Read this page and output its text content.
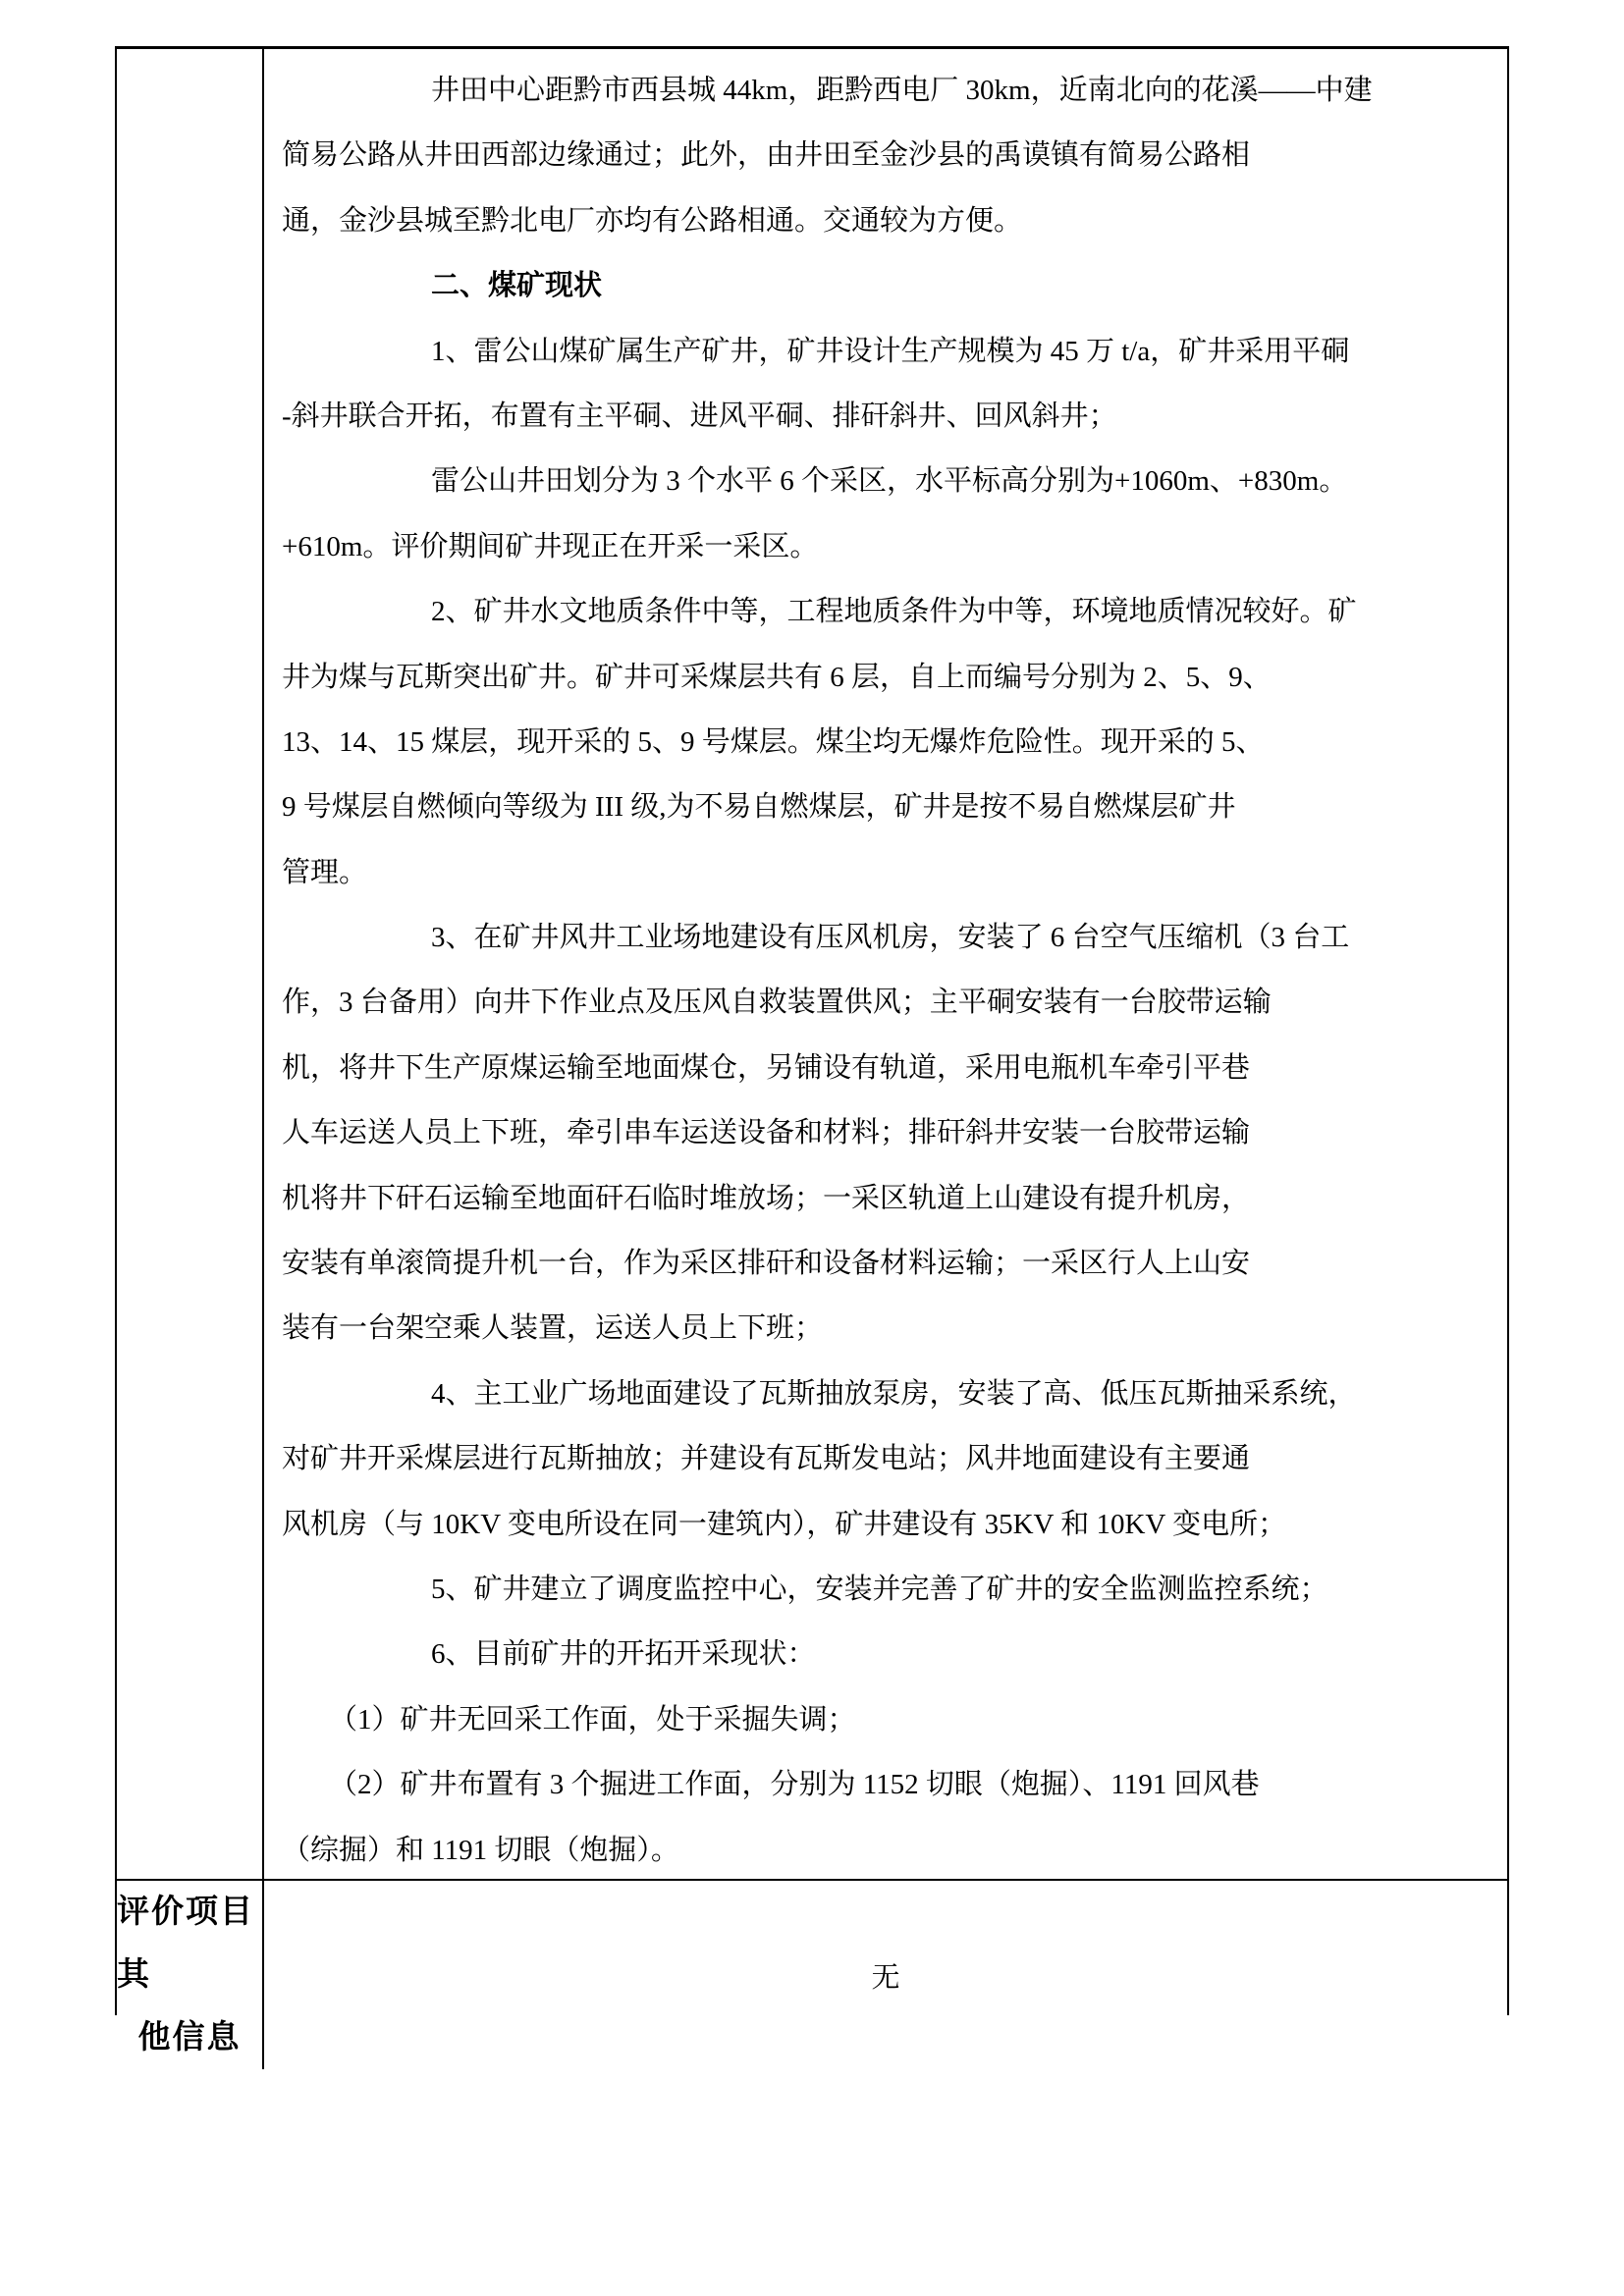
井田中心距黔市西县城 44km，距黔西电厂 30km，近南北向的花溪——中建
简易公路从井田西部边缘通过；此外，由井田至金沙县的禹谟镇有简易公路相
通，金沙县城至黔北电厂亦均有公路相通。交通较为方便。
二、煤矿现状
1、雷公山煤矿属生产矿井，矿井设计生产规模为 45 万 t/a，矿井采用平硐
-斜井联合开拓，布置有主平硐、进风平硐、排矸斜井、回风斜井；
雷公山井田划分为 3 个水平 6 个采区，水平标高分别为+1060m、+830m。
+610m。评价期间矿井现正在开采一采区。
2、矿井水文地质条件中等，工程地质条件为中等，环境地质情况较好。矿
井为煤与瓦斯突出矿井。矿井可采煤层共有 6 层，自上而编号分别为 2、5、9、
13、14、15 煤层，现开采的 5、9 号煤层。煤尘均无爆炸危险性。现开采的 5、
9 号煤层自燃倾向等级为 III 级,为不易自燃煤层，矿井是按不易自燃煤层矿井
管理。
3、在矿井风井工业场地建设有压风机房，安装了 6 台空气压缩机（3 台工
作，3 台备用）向井下作业点及压风自救装置供风；主平硐安装有一台胶带运输
机，将井下生产原煤运输至地面煤仓，另铺设有轨道，采用电瓶机车牵引平巷
人车运送人员上下班，牵引串车运送设备和材料；排矸斜井安装一台胶带运输
机将井下矸石运输至地面矸石临时堆放场；一采区轨道上山建设有提升机房，
安装有单滚筒提升机一台，作为采区排矸和设备材料运输；一采区行人上山安
装有一台架空乘人装置，运送人员上下班；
4、主工业广场地面建设了瓦斯抽放泵房，安装了高、低压瓦斯抽采系统，
对矿井开采煤层进行瓦斯抽放；并建设有瓦斯发电站；风井地面建设有主要通
风机房（与 10KV 变电所设在同一建筑内），矿井建设有 35KV 和 10KV 变电所；
5、矿井建立了调度监控中心，安装并完善了矿井的安全监测监控系统；
6、目前矿井的开拓开采现状：
（1）矿井无回采工作面，处于采掘失调；
（2）矿井布置有 3 个掘进工作面，分别为 1152 切眼（炮掘）、1191 回风巷
（综掘）和 1191 切眼（炮掘）。
评价项目其
他信息
无
